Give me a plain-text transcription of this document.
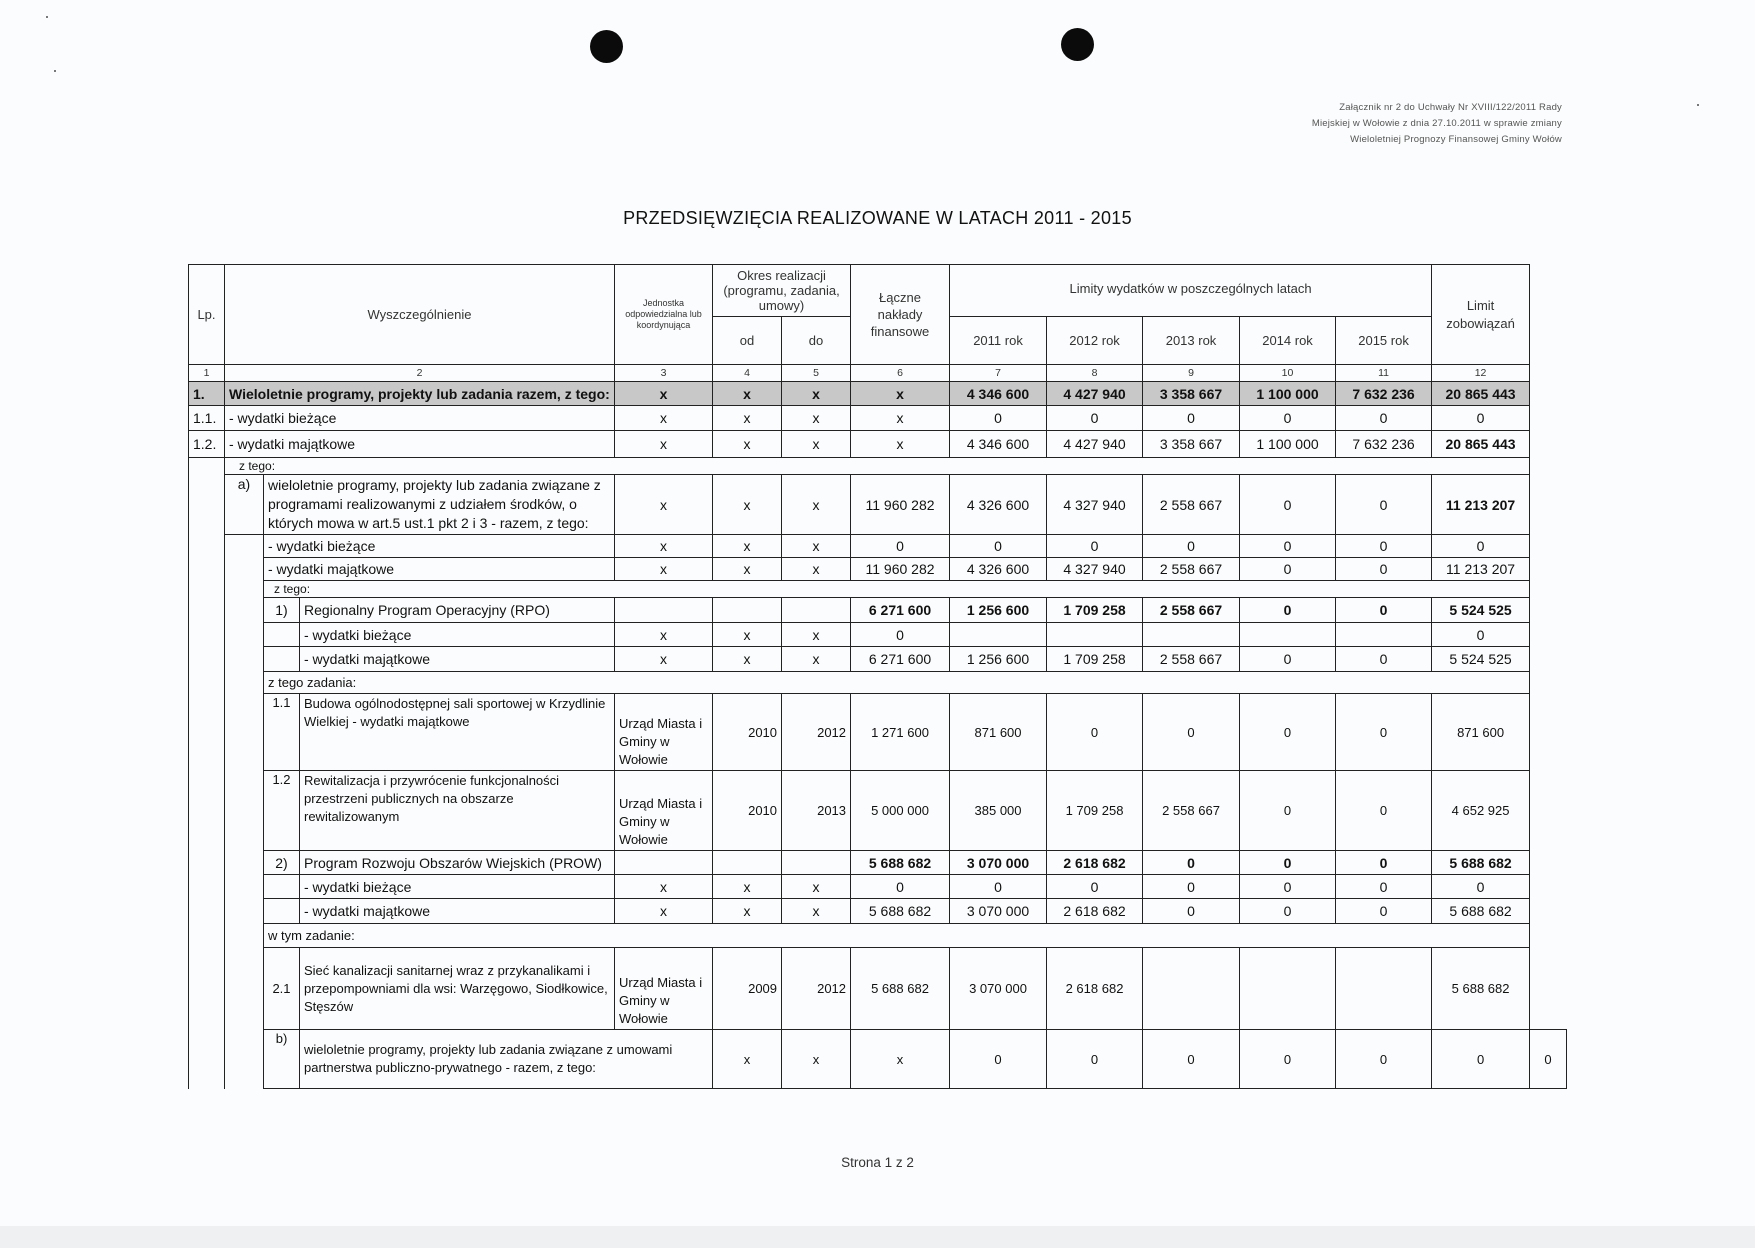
Załącznik nr 2 do Uchwały Nr XVIII/122/2011 Rady
Miejskiej w Wołowie z dnia 27.10.2011 w sprawie zmiany
Wieloletniej Prognozy Finansowej Gminy Wołów
PRZEDSIĘWZIĘCIA REALIZOWANE W LATACH 2011 - 2015
Lp.	Wyszczególnienie			Jednostka odpowiedzialna lub koordynująca	Okres realizacji (programu, zadania, umowy)		Łączne nakłady finansowe	Limity wydatków w poszczególnych latach					Limit zobowiązań	
					od	do		2011 rok	2012 rok	2013 rok	2014 rok	2015 rok		
1	2			3	4	5	6	7	8	9	10	11	12	
1.	Wieloletnie programy, projekty lub zadania razem, z tego:			x	x	x	x	4 346 600	4 427 940	3 358 667	1 100 000	7 632 236	20 865 443	
1.1.	- wydatki bieżące			x	x	x	x	0	0	0	0	0	0	
1.2.	- wydatki majątkowe			x	x	x	x	4 346 600	4 427 940	3 358 667	1 100 000	7 632 236	20 865 443	
	z tego:													
	a)	wieloletnie programy, projekty lub zadania związane z programami realizowanymi z udziałem środków, o których mowa w art.5 ust.1 pkt 2 i 3 - razem, z tego:		x	x	x	11 960 282	4 326 600	4 327 940	2 558 667	0	0	11 213 207	
		- wydatki bieżące		x	x	x	0	0	0	0	0	0	0	
		- wydatki majątkowe		x	x	x	11 960 282	4 326 600	4 327 940	2 558 667	0	0	11 213 207	
		z tego:												
		1)	Regionalny Program Operacyjny (RPO)				6 271 600	1 256 600	1 709 258	2 558 667	0	0	5 524 525	
			- wydatki bieżące	x	x	x	0						0	
			- wydatki majątkowe	x	x	x	6 271 600	1 256 600	1 709 258	2 558 667	0	0	5 524 525	
		z tego zadania:												
		1.1	Budowa ogólnodostępnej sali sportowej w Krzydlinie Wielkiej - wydatki majątkowe	Urząd Miasta i Gminy w Wołowie	2010	2012	1 271 600	871 600	0	0	0	0	871 600	
		1.2	Rewitalizacja i przywrócenie funkcjonalności przestrzeni publicznych na obszarze rewitalizowanym	Urząd Miasta i Gminy w Wołowie	2010	2013	5 000 000	385 000	1 709 258	2 558 667	0	0	4 652 925	
		2)	Program Rozwoju Obszarów Wiejskich (PROW)				5 688 682	3 070 000	2 618 682	0	0	0	5 688 682	
			- wydatki bieżące	x	x	x	0	0	0	0	0	0	0	
			- wydatki majątkowe	x	x	x	5 688 682	3 070 000	2 618 682	0	0	0	5 688 682	
		w tym zadanie:												
		2.1	Sieć kanalizacji sanitarnej wraz z przykanalikami i przepompowniami dla wsi: Warzęgowo, Siodłkowice, Stęszów	Urząd Miasta i Gminy w Wołowie	2009	2012	5 688 682	3 070 000	2 618 682				5 688 682	
		b)	wieloletnie programy, projekty lub zadania związane z umowami partnerstwa publiczno-prywatnego - razem, z tego:		x	x	x	0	0	0	0	0	0	0
Strona 1 z 2
